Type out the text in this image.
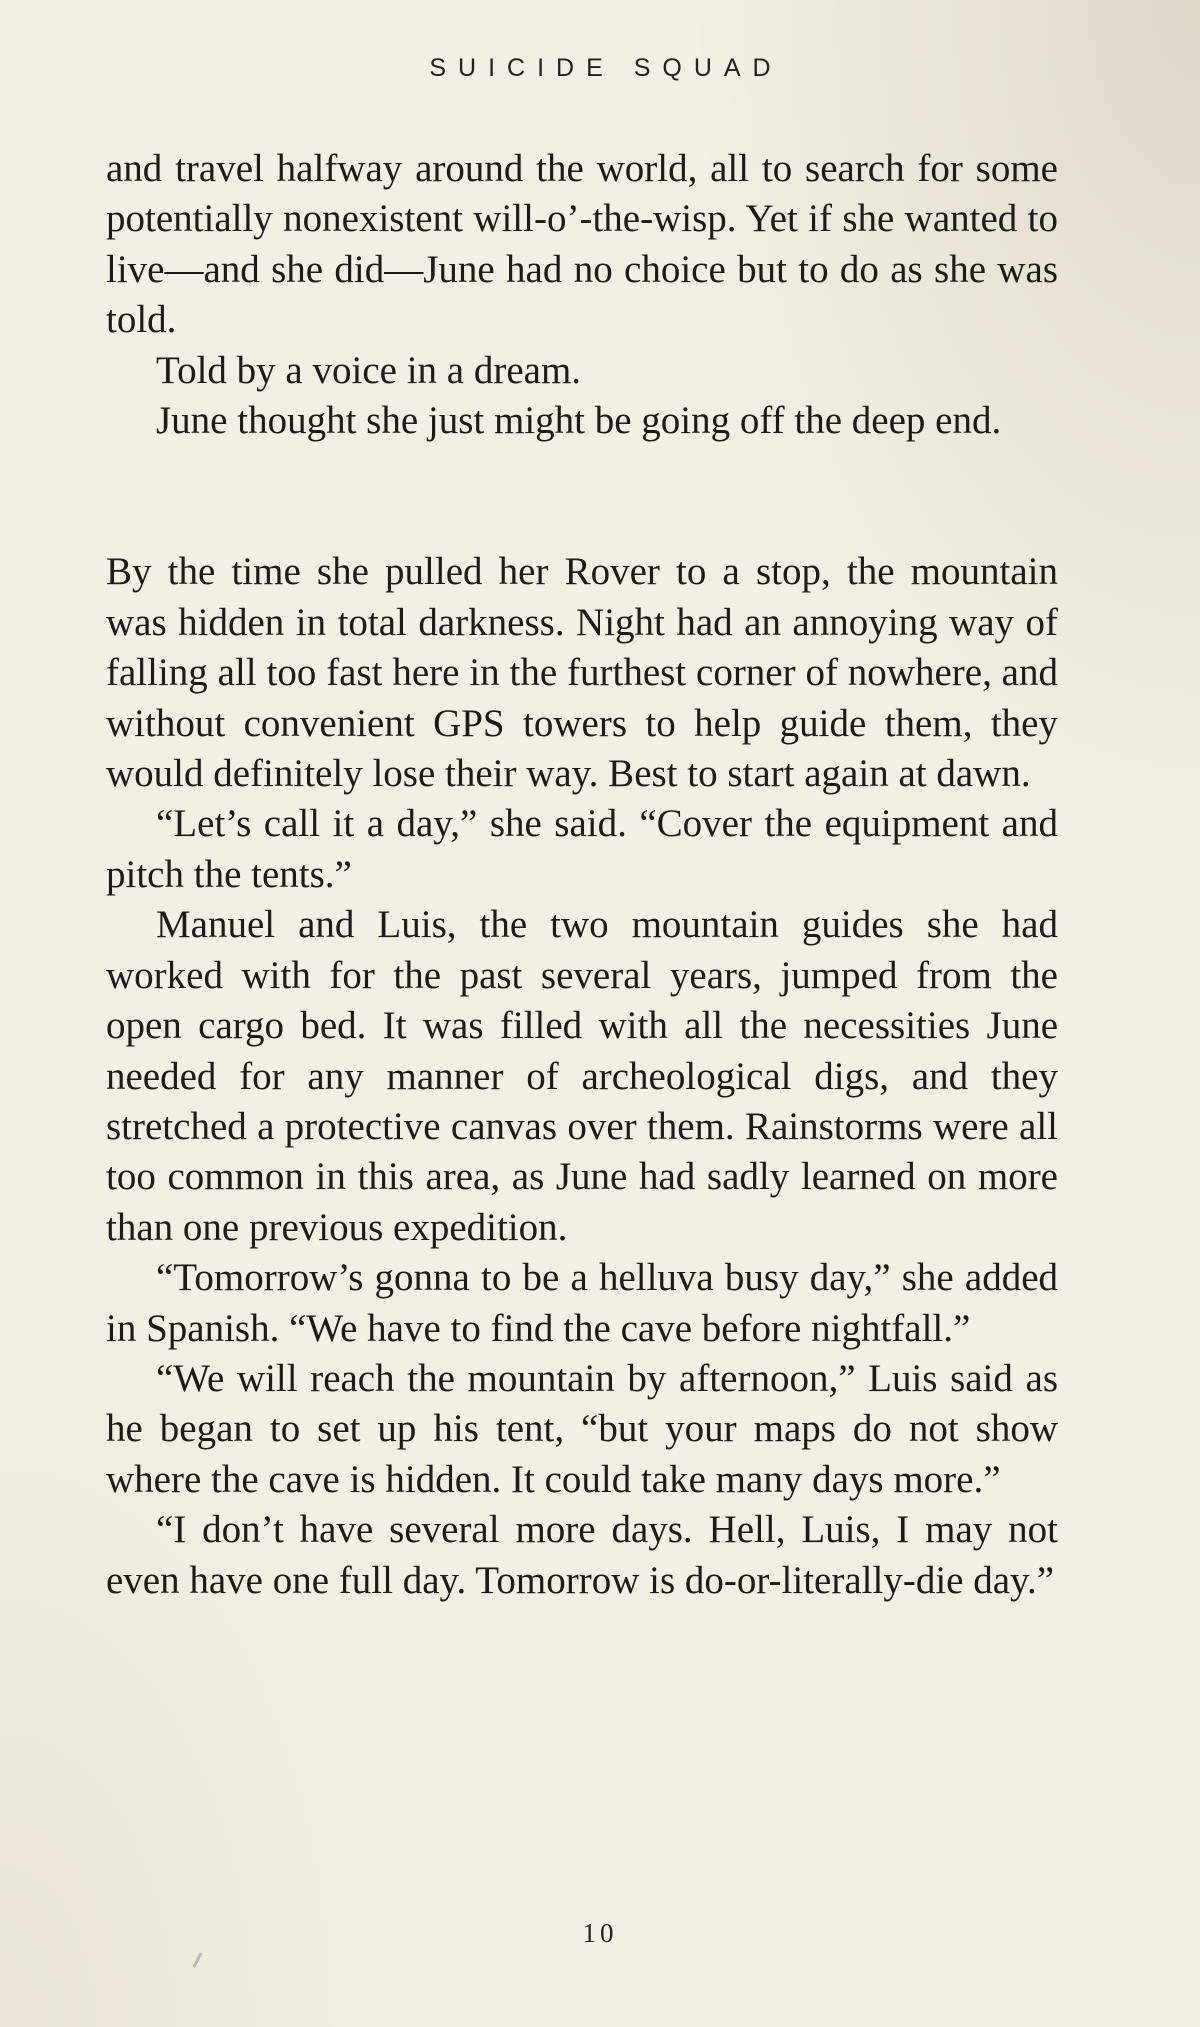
SUICIDE SQUAD

and travel halfway around the world, all to search for some potentially nonexistent will-o’-the-wisp. Yet if she wanted to live—and she did—June had no choice but to do as she was told.

Told by a voice in a dream.

June thought she just might be going off the deep end.

By the time she pulled her Rover to a stop, the mountain was hidden in total darkness. Night had an annoying way of falling all too fast here in the furthest corner of nowhere, and without convenient GPS towers to help guide them, they would definitely lose their way. Best to start again at dawn.

“Let’s call it a day,” she said. “Cover the equipment and pitch the tents.”

Manuel and Luis, the two mountain guides she had worked with for the past several years, jumped from the open cargo bed. It was filled with all the necessities June needed for any manner of archeological digs, and they stretched a protective canvas over them. Rainstorms were all too common in this area, as June had sadly learned on more than one previous expedition.

“Tomorrow’s gonna to be a helluva busy day,” she added in Spanish. “We have to find the cave before nightfall.”

“We will reach the mountain by afternoon,” Luis said as he began to set up his tent, “but your maps do not show where the cave is hidden. It could take many days more.”

“I don’t have several more days. Hell, Luis, I may not even have one full day. Tomorrow is do-or-literally-die day.”

10
